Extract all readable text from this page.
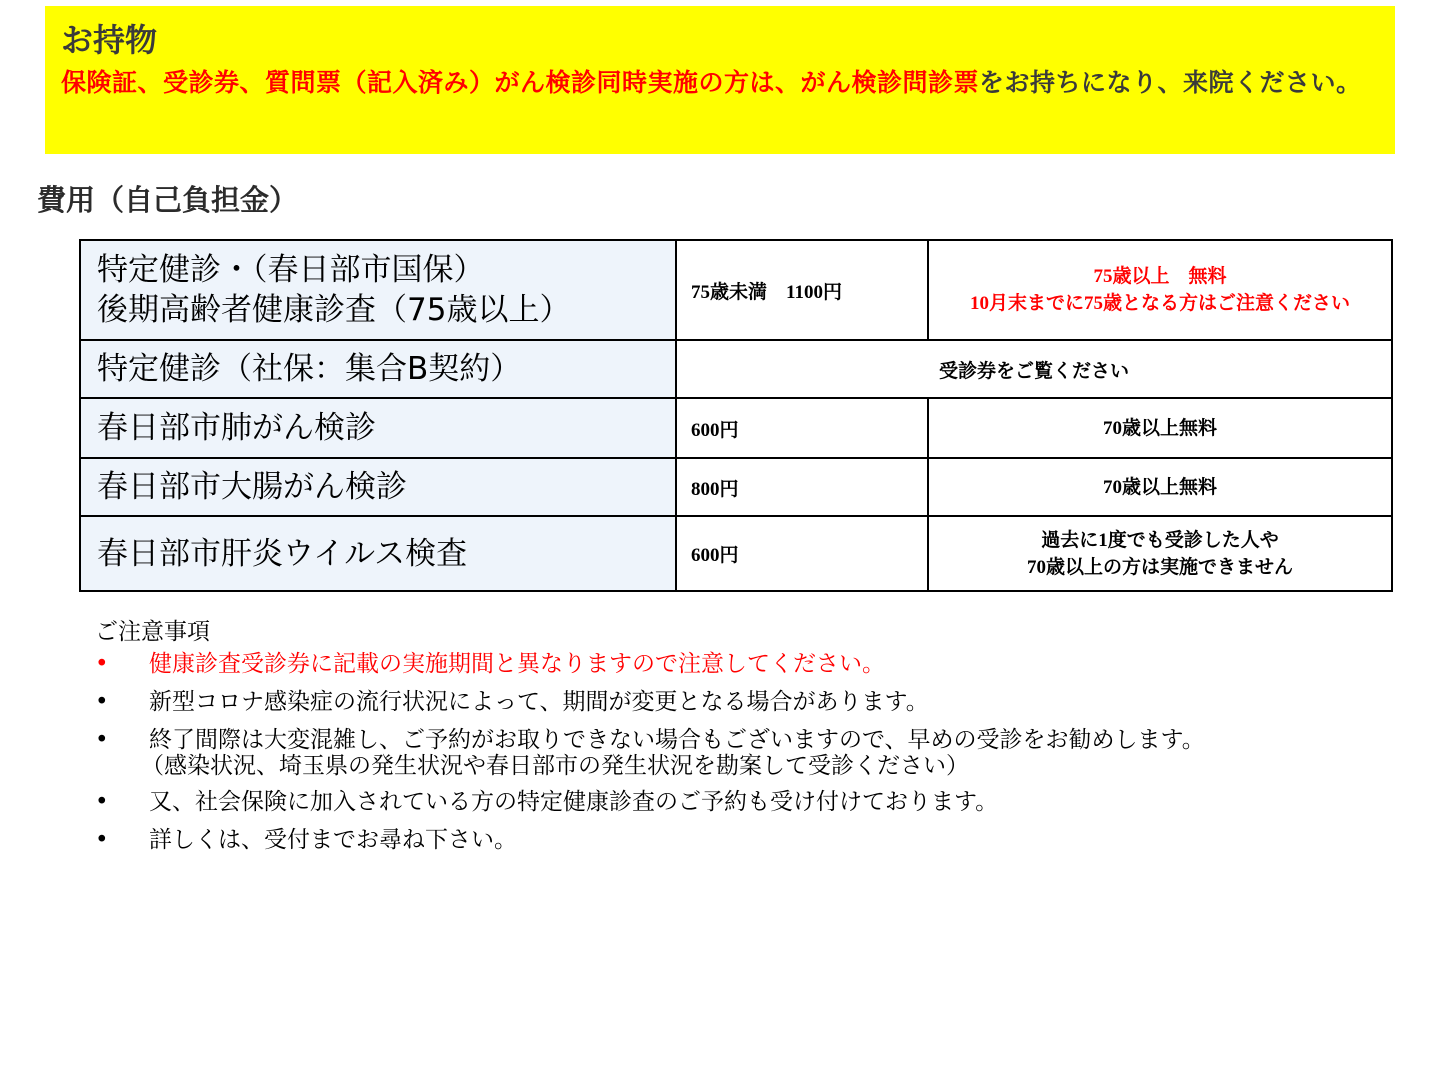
お持物
保険証、受診券、質問票（記入済み）がん検診同時実施の方は、がん検診問診票をお持ちになり、来院ください。
費用（自己負担金）
特定健診・（春日部市国保）
後期高齢者健康診査（75歳以上）	75歳未満　1100円	75歳以上　無料
10月末までに75歳となる方はご注意ください

特定健診（社保：集合B契約）	受診券をご覧ください	
春日部市肺がん検診	600円	70歳以上無料
春日部市大腸がん検診	800円	70歳以上無料
春日部市肝炎ウイルス検査	600円	過去に1度でも受診した人や
70歳以上の方は実施できません
ご注意事項
• 健康診査受診券に記載の実施期間と異なりますので注意してください。
• 新型コロナ感染症の流行状況によって、期間が変更となる場合があります。
• 終了間際は大変混雑し、ご予約がお取りできない場合もございますので、早めの受診をお勧めします。
（感染状況、埼玉県の発生状況や春日部市の発生状況を勘案して受診ください）
• 又、社会保険に加入されている方の特定健康診査のご予約も受け付けております。
• 詳しくは、受付までお尋ね下さい。
